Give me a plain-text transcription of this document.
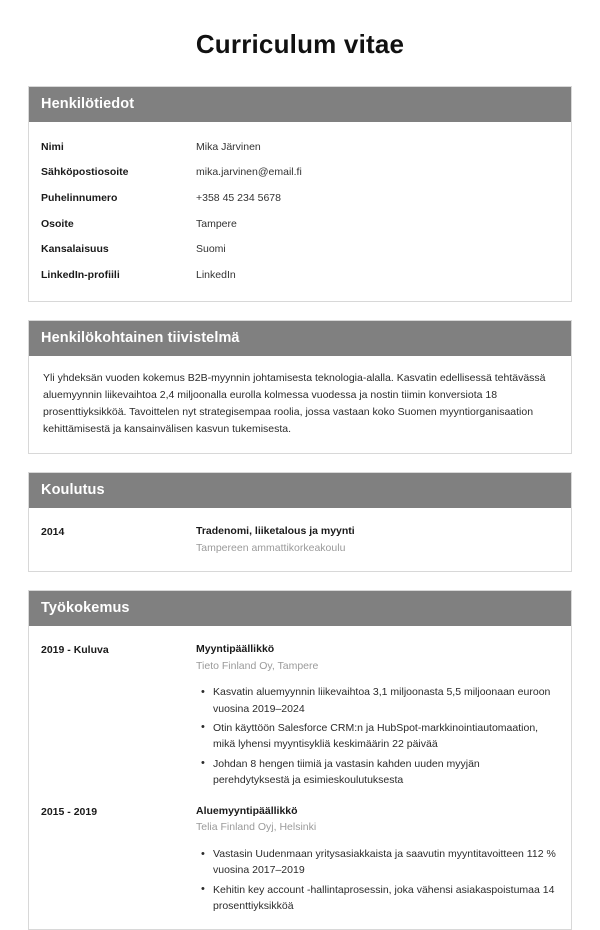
Curriculum vitae
Henkilötiedot
Nimi	Mika Järvinen
Sähköpostiosoite	mika.jarvinen@email.fi
Puhelinnumero	+358 45 234 5678
Osoite	Tampere
Kansalaisuus	Suomi
LinkedIn-profiili	LinkedIn
Henkilökohtainen tiivistelmä

Yli yhdeksän vuoden kokemus B2B-myynnin johtamisesta teknologia-alalla. Kasvatin edellisessä tehtävässä aluemyynnin liikevaihtoa 2,4 miljoonalla eurolla kolmessa vuodessa ja nostin tiimin konversiota 18 prosenttiyksikköä. Tavoittelen nyt strategisempaa roolia, jossa vastaan koko Suomen myyntiorganisaation kehittämisestä ja kansainvälisen kasvun tukemisesta.

Koulutus
2014	Tradenomi, liiketalous ja myynti
Tampereen ammattikorkeakoulu
Työkokemus
2019 - Kuluva	Myyntipäällikkö
Tieto Finland Oy, Tampere
• Kasvatin aluemyynnin liikevaihtoa 3,1 miljoonasta 5,5 miljoonaan euroon vuosina 2019–2024
• Otin käyttöön Salesforce CRM:n ja HubSpot-markkinointiautomaation, mikä lyhensi myyntisykliä keskimäärin 22 päivää
• Johdan 8 hengen tiimiä ja vastasin kahden uuden myyjän perehdytyksestä ja esimieskoulutuksesta
2015 - 2019	Aluemyyntipäällikkö
Telia Finland Oyj, Helsinki
• Vastasin Uudenmaan yritysasiakkaista ja saavutin myyntitavoitteen 112 % vuosina 2017–2019
• Kehitin key account -hallintaprosessin, joka vähensi asiakaspoistumaa 14 prosenttiyksikköä
